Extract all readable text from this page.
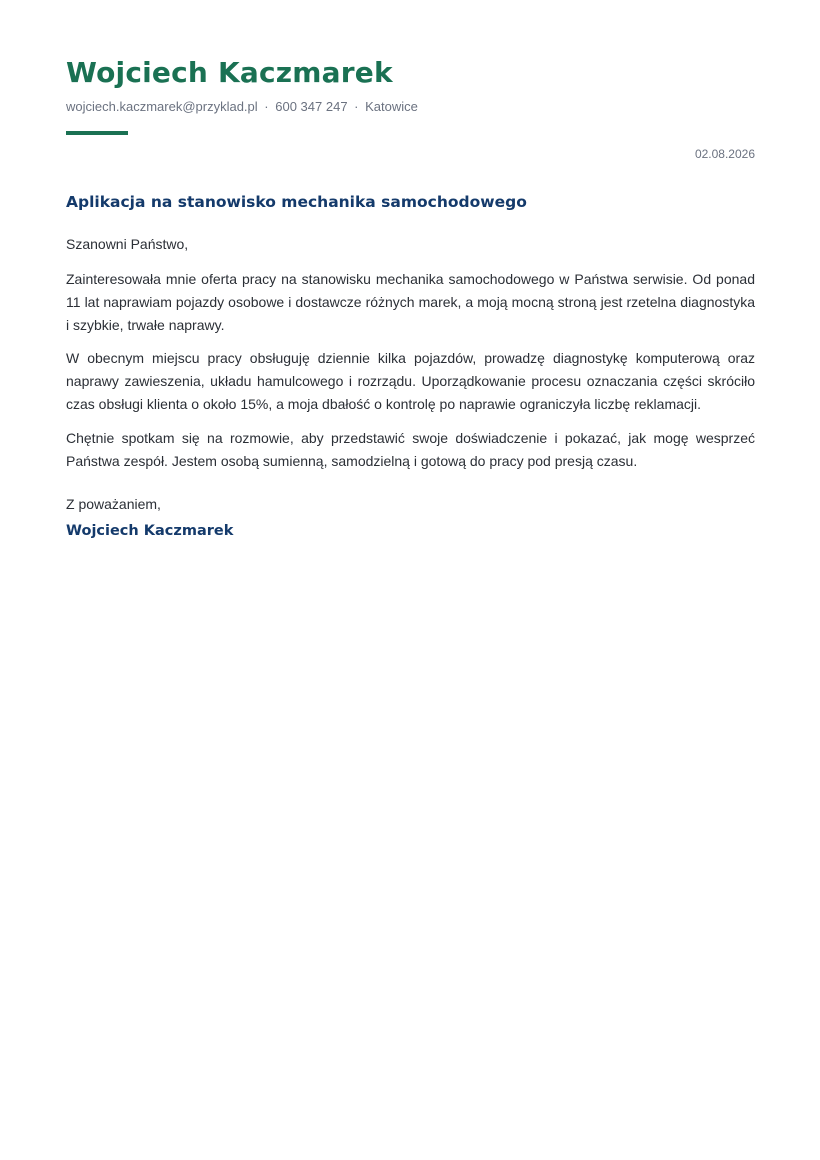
Wojciech Kaczmarek
wojciech.kaczmarek@przyklad.pl · 600 347 247 · Katowice
02.08.2026
Aplikacja na stanowisko mechanika samochodowego
Szanowni Państwo,

Zainteresowała mnie oferta pracy na stanowisku mechanika samochodowego w Państwa serwisie. Od ponad 11 lat naprawiam pojazdy osobowe i dostawcze różnych marek, a moją mocną stroną jest rzetelna diagnostyka i szybkie, trwałe naprawy.

W obecnym miejscu pracy obsługuję dziennie kilka pojazdów, prowadzę diagnostykę komputerową oraz naprawy zawieszenia, układu hamulcowego i rozrządu. Uporządkowanie procesu oznaczania części skróciło czas obsługi klienta o około 15%, a moja dbałość o kontrolę po naprawie ograniczyła liczbę reklamacji.

Chętnie spotkam się na rozmowie, aby przedstawić swoje doświadczenie i pokazać, jak mogę wesprzeć Państwa zespół. Jestem osobą sumienną, samodzielną i gotową do pracy pod presją czasu.

Z poważaniem,
Wojciech Kaczmarek
